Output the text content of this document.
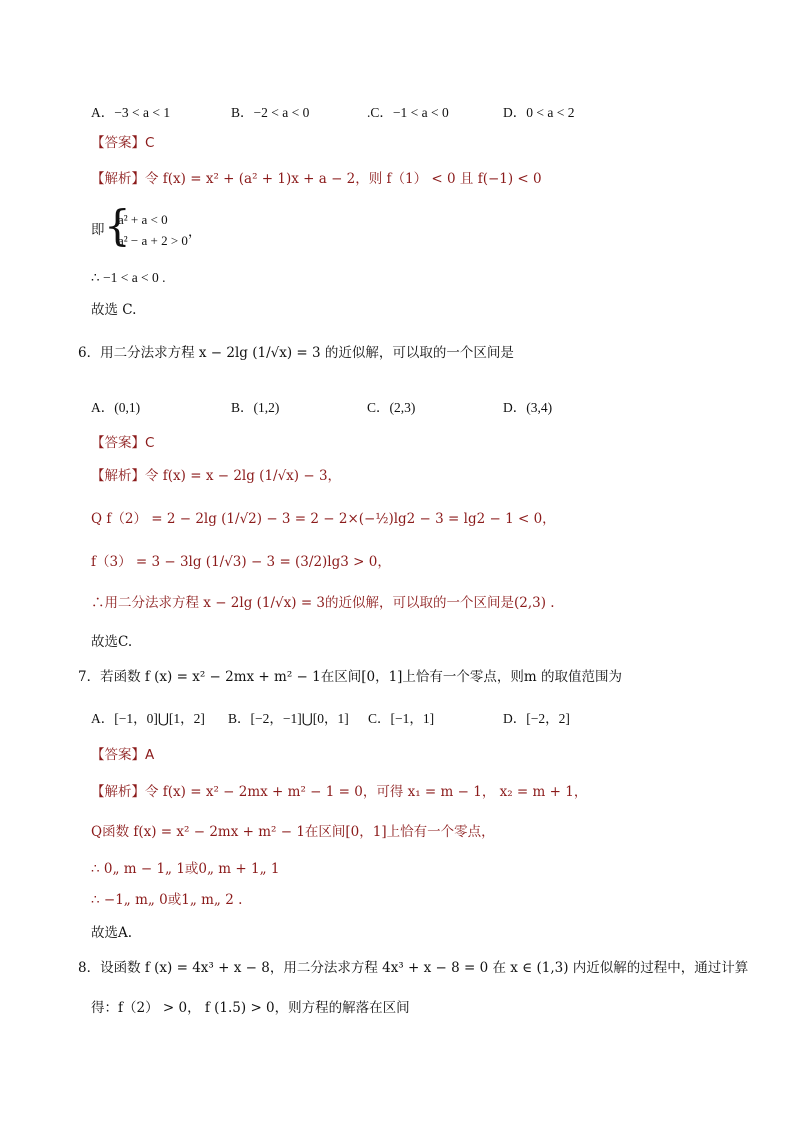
A．−3 < a < 1	B．−2 < a < 0	.C．−1 < a < 0	D．0 < a < 2
【答案】C
【解析】令 f(x) = x² + (a² + 1)x + a − 2，则 f（1） < 0 且 f(−1) < 0
即 {
a² + a < 0
a² − a + 2 > 0
，
∴ −1 < a < 0 .
故选 C.
6．用二分法求方程 x − 2lg (1/√x) = 3 的近似解，可以取的一个区间是
A．(0,1)	B．(1,2)	C．(2,3)	D．(3,4)
【答案】C
【解析】令 f(x) = x − 2lg (1/√x) − 3，
Q f（2） = 2 − 2lg (1/√2) − 3 = 2 − 2×(−½)lg2 − 3 = lg2 − 1 < 0，
f（3） = 3 − 3lg (1/√3) − 3 = (3/2)lg3 > 0，
∴用二分法求方程 x − 2lg (1/√x) = 3的近似解，可以取的一个区间是(2,3) .
故选C.
7．若函数 f (x) = x² − 2mx + m² − 1在区间[0，1]上恰有一个零点，则m 的取值范围为
A．[−1，0]⋃[1，2] B．[−2，−1]⋃[0，1] C．[−1，1]	D．[−2，2]
【答案】A
【解析】令 f(x) = x² − 2mx + m² − 1 = 0，可得 x₁ = m − 1， x₂ = m + 1，
Q函数 f(x) = x² − 2mx + m² − 1在区间[0，1]上恰有一个零点，
∴ 0„ m − 1„ 1或0„ m + 1„ 1
∴ −1„ m„ 0或1„ m„ 2 .
故选A.
8．设函数 f (x) = 4x³ + x − 8，用二分法求方程 4x³ + x − 8 = 0 在 x ∈ (1,3) 内近似解的过程中，通过计算
得：f（2） > 0， f (1.5) > 0，则方程的解落在区间
